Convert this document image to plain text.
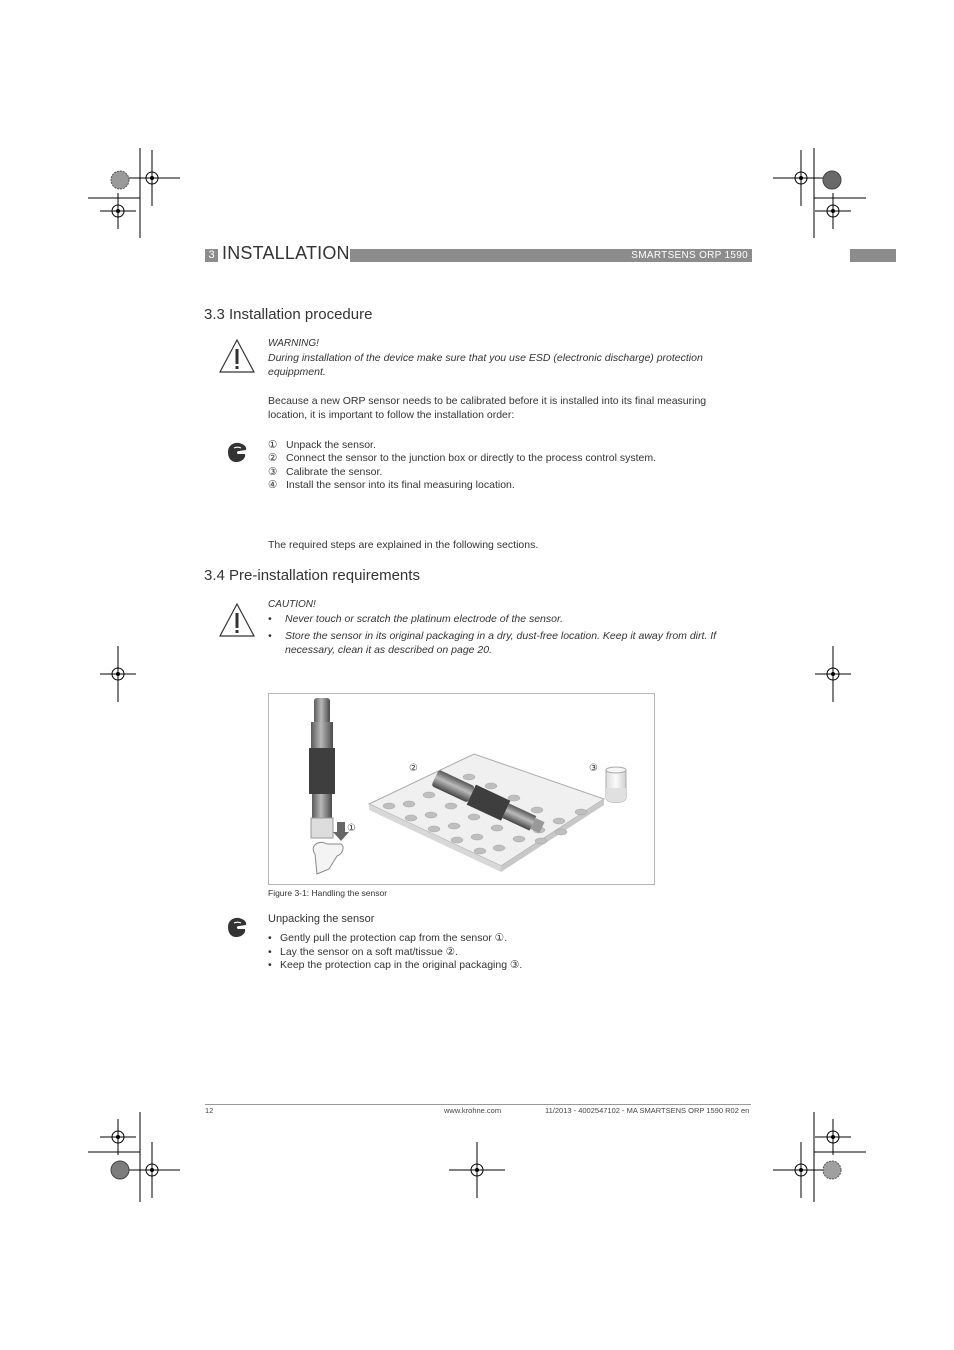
3 INSTALLATION	SMARTSENS ORP 1590
3.3 Installation procedure
WARNING!
During installation of the device make sure that you use ESD (electronic discharge) protection
equippment.
Because a new ORP sensor needs to be calibrated before it is installed into its final measuring
location, it is important to follow the installation order:
① Unpack the sensor.
② Connect the sensor to the junction box or directly to the process control system.
③ Calibrate the sensor.
④ Install the sensor into its final measuring location.
The required steps are explained in the following sections.
3.4 Pre-installation requirements
CAUTION!
• Never touch or scratch the platinum electrode of the sensor.
• Store the sensor in its original packaging in a dry, dust-free location. Keep it away from dirt. If
necessary, clean it as described on page 20.
①
②	③
Figure 3-1: Handling the sensor
Unpacking the sensor
• Gently pull the protection cap from the sensor ①.
• Lay the sensor on a soft mat/tissue ②.
• Keep the protection cap in the original packaging ③.
12	www.krohne.com	11/2013 - 4002547102 - MA SMARTSENS ORP 1590 R02 en
